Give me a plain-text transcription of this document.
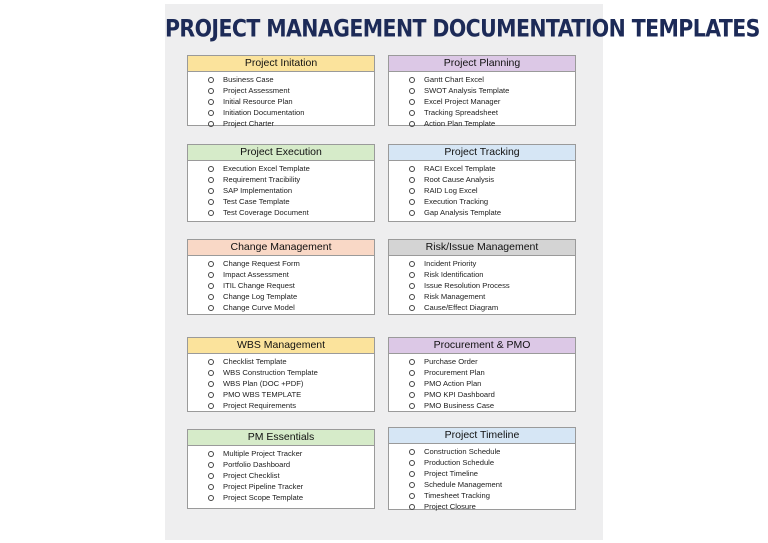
PROJECT MANAGEMENT DOCUMENTATION TEMPLATES
Project Initation
Business Case
Project Assessment
Initial Resource Plan
Initiation Documentation
Project Charter
Project Planning
Gantt Chart Excel
SWOT Analysis Template
Excel Project Manager
Tracking Spreadsheet
Action Plan Template
Project Execution
Execution Excel Template
Requirement Tracibility
SAP Implementation
Test Case Template
Test Coverage Document
Project Tracking
RACI Excel Template
Root Cause Analysis
RAID Log Excel
Execution Tracking
Gap Analysis Template
Change Management
Change Request Form
Impact Assessment
ITIL Change Request
Change Log Template
Change Curve Model
Risk/Issue Management
Incident Priority
Risk Identification
Issue Resolution Process
Risk Management
Cause/Effect Diagram
WBS Management
Checklist Template
WBS Construction Template
WBS Plan (DOC +PDF)
PMO WBS TEMPLATE
Project Requirements
Procurement & PMO
Purchase Order
Procurement Plan
PMO Action Plan
PMO KPI Dashboard
PMO Business Case
PM Essentials
Multiple Project Tracker
Portfolio Dashboard
Project Checklist
Project Pipeline Tracker
Project Scope Template
Project Timeline
Construction Schedule
Production Schedule
Project Timeline
Schedule Management
Timesheet Tracking
Project Closure
